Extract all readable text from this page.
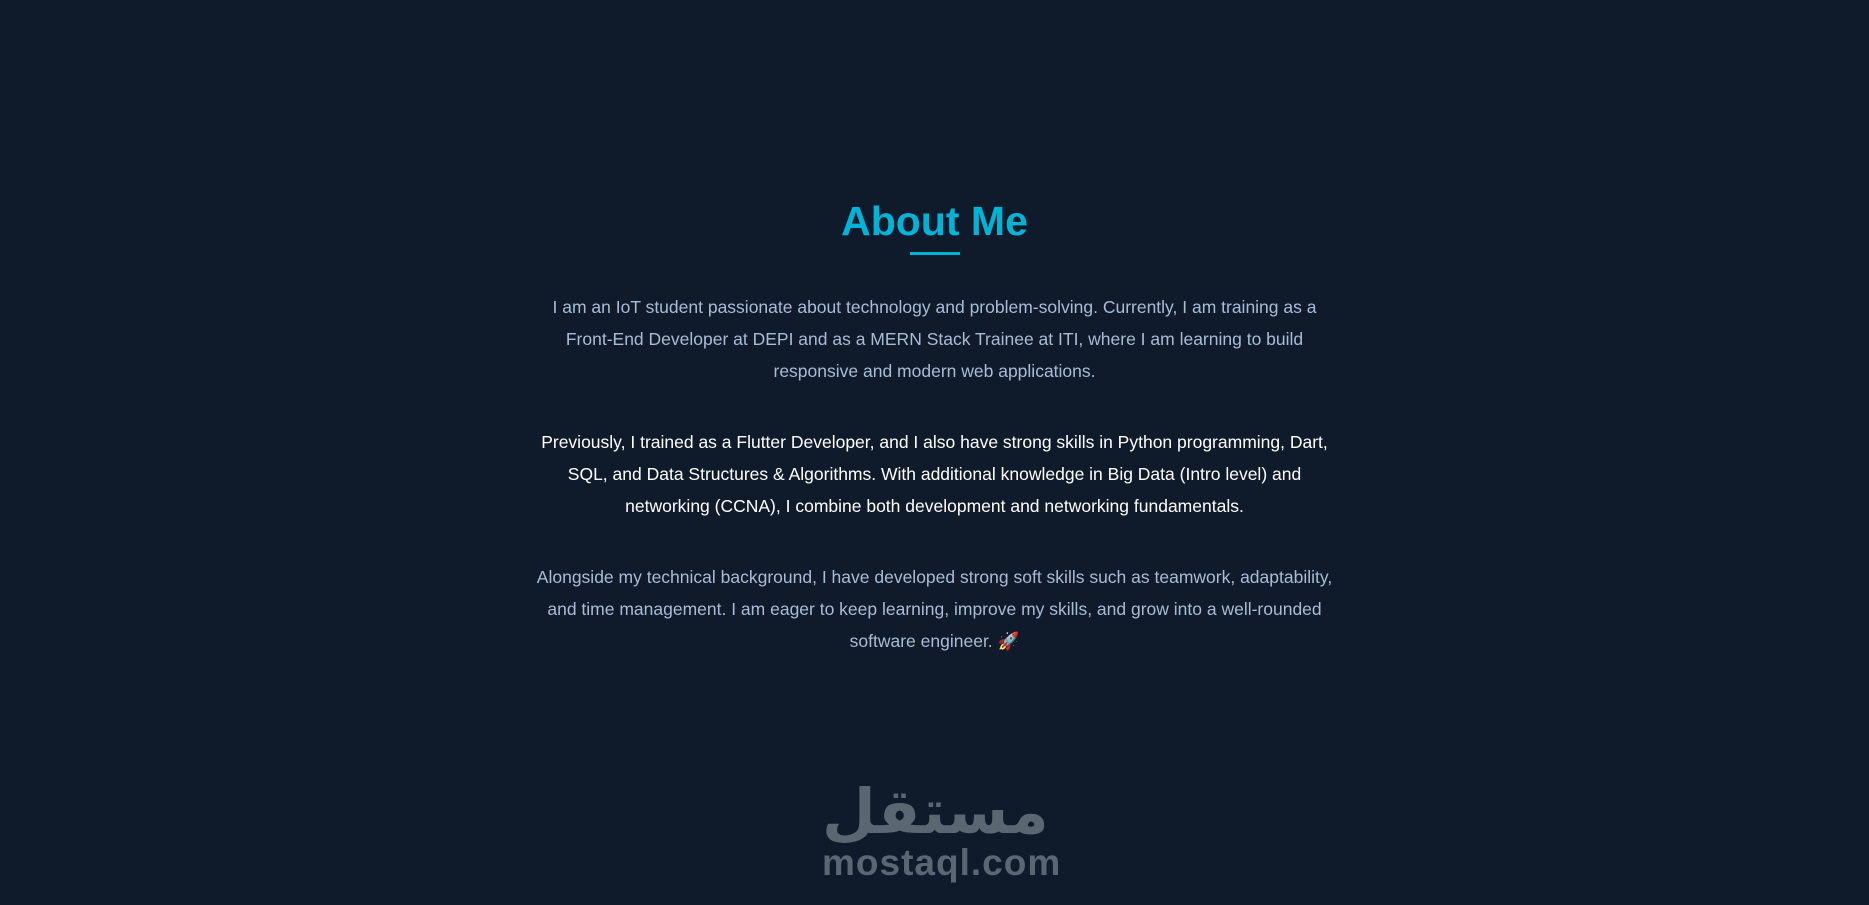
About Me

I am an IoT student passionate about technology and problem-solving. Currently, I am training as a Front-End Developer at DEPI and as a MERN Stack Trainee at ITI, where I am learning to build responsive and modern web applications.

Previously, I trained as a Flutter Developer, and I also have strong skills in Python programming, Dart, SQL, and Data Structures & Algorithms. With additional knowledge in Big Data (Intro level) and networking (CCNA), I combine both development and networking fundamentals.

Alongside my technical background, I have developed strong soft skills such as teamwork, adaptability, and time management. I am eager to keep learning, improve my skills, and grow into a well-rounded software engineer. 🚀

مستقل
mostaql.com
